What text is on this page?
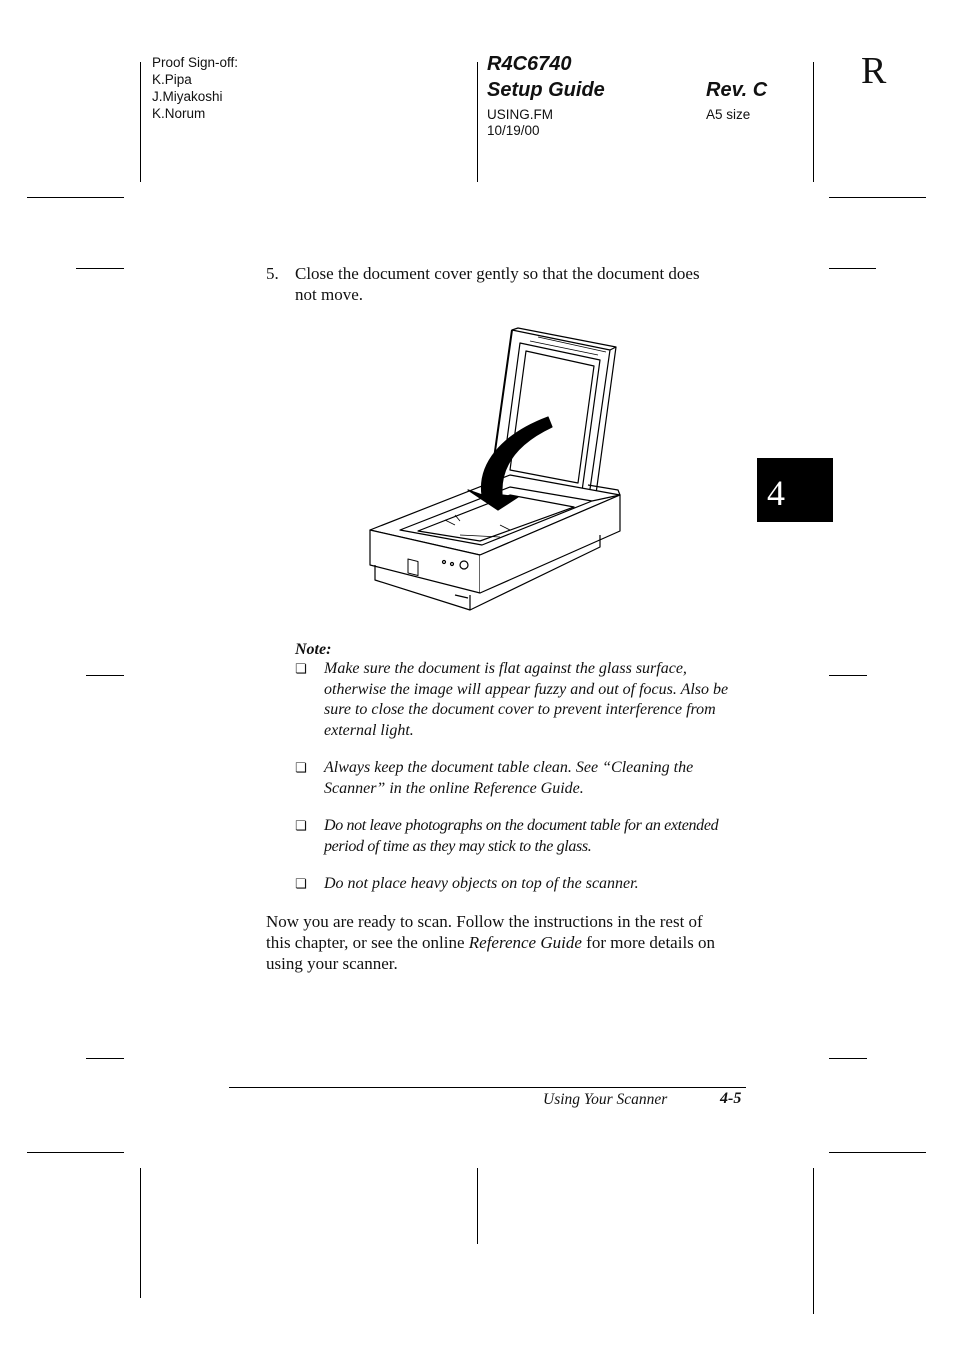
Proof Sign-off:
K.Pipa
J.Miyakoshi
K.Norum
R4C6740
Setup Guide	Rev. C
USING.FM
10/19/00
A5 size
R
4
5. Close the document cover gently so that the document does
not move.
Note:
❏ Make sure the document is flat against the glass surface,
otherwise the image will appear fuzzy and out of focus. Also be
sure to close the document cover to prevent interference from
external light.
❏ Always keep the document table clean. See “Cleaning the
Scanner” in the online Reference Guide.
❏ Do not leave photographs on the document table for an extended
period of time as they may stick to the glass.
❏ Do not place heavy objects on top of the scanner.
Now you are ready to scan. Follow the instructions in the rest of
this chapter, or see the online Reference Guide for more details on
using your scanner.
Using Your Scanner	4-5
